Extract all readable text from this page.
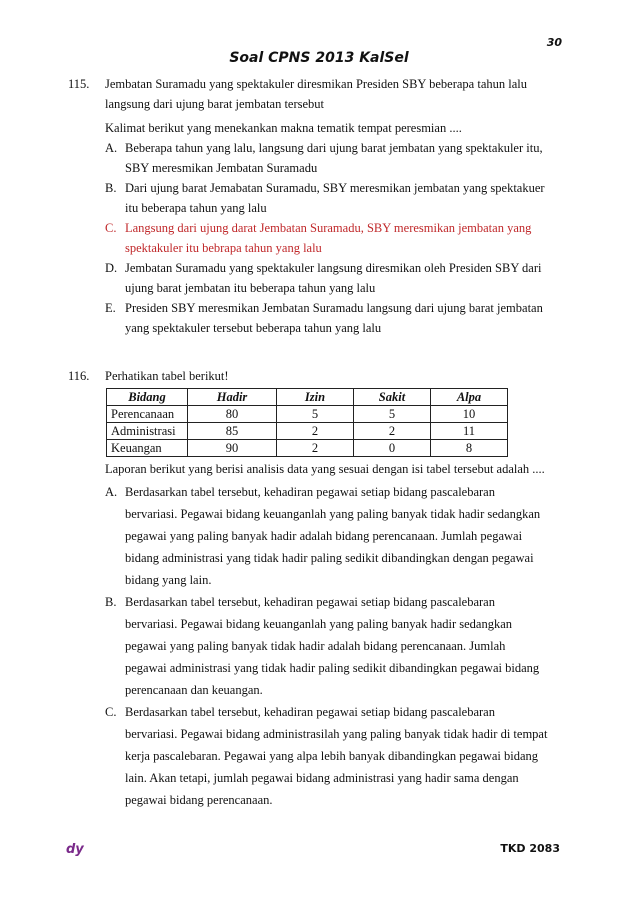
30
Soal CPNS 2013 KalSel
115. Jembatan Suramadu yang spektakuler diresmikan Presiden SBY beberapa tahun lalu
langsung dari ujung barat jembatan tersebut
Kalimat berikut yang menekankan makna tematik tempat peresmian ....
A. Beberapa tahun yang lalu, langsung dari ujung barat jembatan yang spektakuler itu,
SBY meresmikan Jembatan Suramadu
B. Dari ujung barat Jemabatan Suramadu, SBY meresmikan jembatan yang spektakuer
itu beberapa tahun yang lalu
C. Langsung dari ujung darat Jembatan Suramadu, SBY meresmikan jembatan yang
spektakuler itu bebrapa tahun yang lalu
D. Jembatan Suramadu yang spektakuler langsung diresmikan oleh Presiden SBY dari
ujung barat jembatan itu beberapa tahun yang lalu
E. Presiden SBY meresmikan Jembatan Suramadu langsung dari ujung barat jembatan
yang spektakuler tersebut beberapa tahun yang lalu
116. Perhatikan tabel berikut!
Bidang	Hadir	Izin	Sakit	Alpa
Perencanaan	80	5	5	10
Administrasi	85	2	2	11
Keuangan	90	2	0	8
Laporan berikut yang berisi analisis data yang sesuai dengan isi tabel tersebut adalah ....
A. Berdasarkan tabel tersebut, kehadiran pegawai setiap bidang pascalebaran
bervariasi. Pegawai bidang keuanganlah yang paling banyak tidak hadir sedangkan
pegawai yang paling banyak hadir adalah bidang perencanaan. Jumlah pegawai
bidang administrasi yang tidak hadir paling sedikit dibandingkan dengan pegawai
bidang yang lain.
B. Berdasarkan tabel tersebut, kehadiran pegawai setiap bidang pascalebaran
bervariasi. Pegawai bidang keuanganlah yang paling banyak hadir sedangkan
pegawai yang paling banyak tidak hadir adalah bidang perencanaan. Jumlah
pegawai administrasi yang tidak hadir paling sedikit dibandingkan pegawai bidang
perencanaan dan keuangan.
C. Berdasarkan tabel tersebut, kehadiran pegawai setiap bidang pascalebaran
bervariasi. Pegawai bidang administrasilah yang paling banyak tidak hadir di tempat
kerja pascalebaran. Pegawai yang alpa lebih banyak dibandingkan pegawai bidang
lain. Akan tetapi, jumlah pegawai bidang administrasi yang hadir sama dengan
pegawai bidang perencanaan.
dy	TKD 2083
